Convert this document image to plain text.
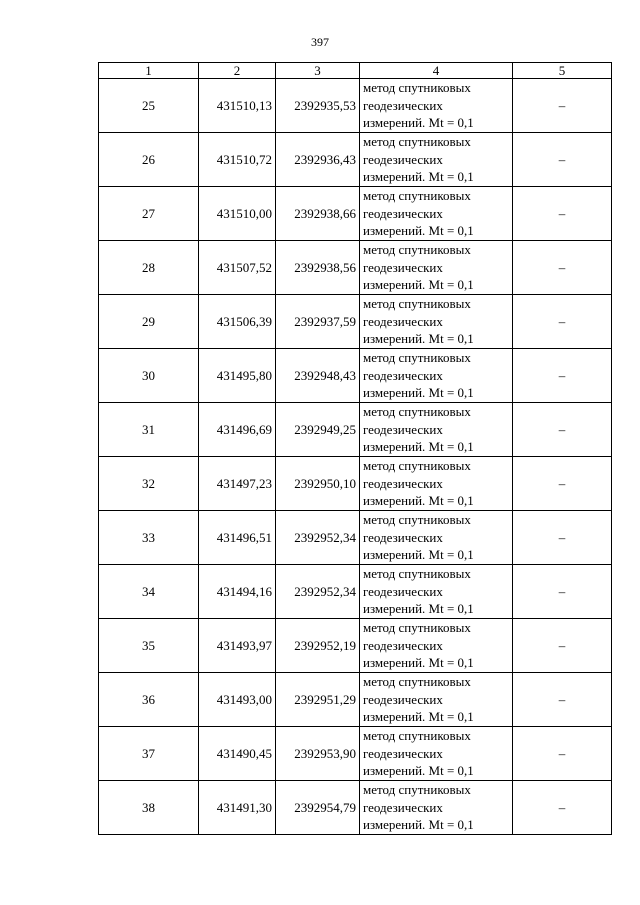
397
1	2	3	4	5
25	431510,13	2392935,53	метод спутниковых
геодезических
измерений. Mt = 0,1	–
26	431510,72	2392936,43	метод спутниковых
геодезических
измерений. Mt = 0,1	–
27	431510,00	2392938,66	метод спутниковых
геодезических
измерений. Mt = 0,1	–
28	431507,52	2392938,56	метод спутниковых
геодезических
измерений. Mt = 0,1	–
29	431506,39	2392937,59	метод спутниковых
геодезических
измерений. Mt = 0,1	–
30	431495,80	2392948,43	метод спутниковых
геодезических
измерений. Mt = 0,1	–
31	431496,69	2392949,25	метод спутниковых
геодезических
измерений. Mt = 0,1	–
32	431497,23	2392950,10	метод спутниковых
геодезических
измерений. Mt = 0,1	–
33	431496,51	2392952,34	метод спутниковых
геодезических
измерений. Mt = 0,1	–
34	431494,16	2392952,34	метод спутниковых
геодезических
измерений. Mt = 0,1	–
35	431493,97	2392952,19	метод спутниковых
геодезических
измерений. Mt = 0,1	–
36	431493,00	2392951,29	метод спутниковых
геодезических
измерений. Mt = 0,1	–
37	431490,45	2392953,90	метод спутниковых
геодезических
измерений. Mt = 0,1	–
38	431491,30	2392954,79	метод спутниковых
геодезических
измерений. Mt = 0,1	–
